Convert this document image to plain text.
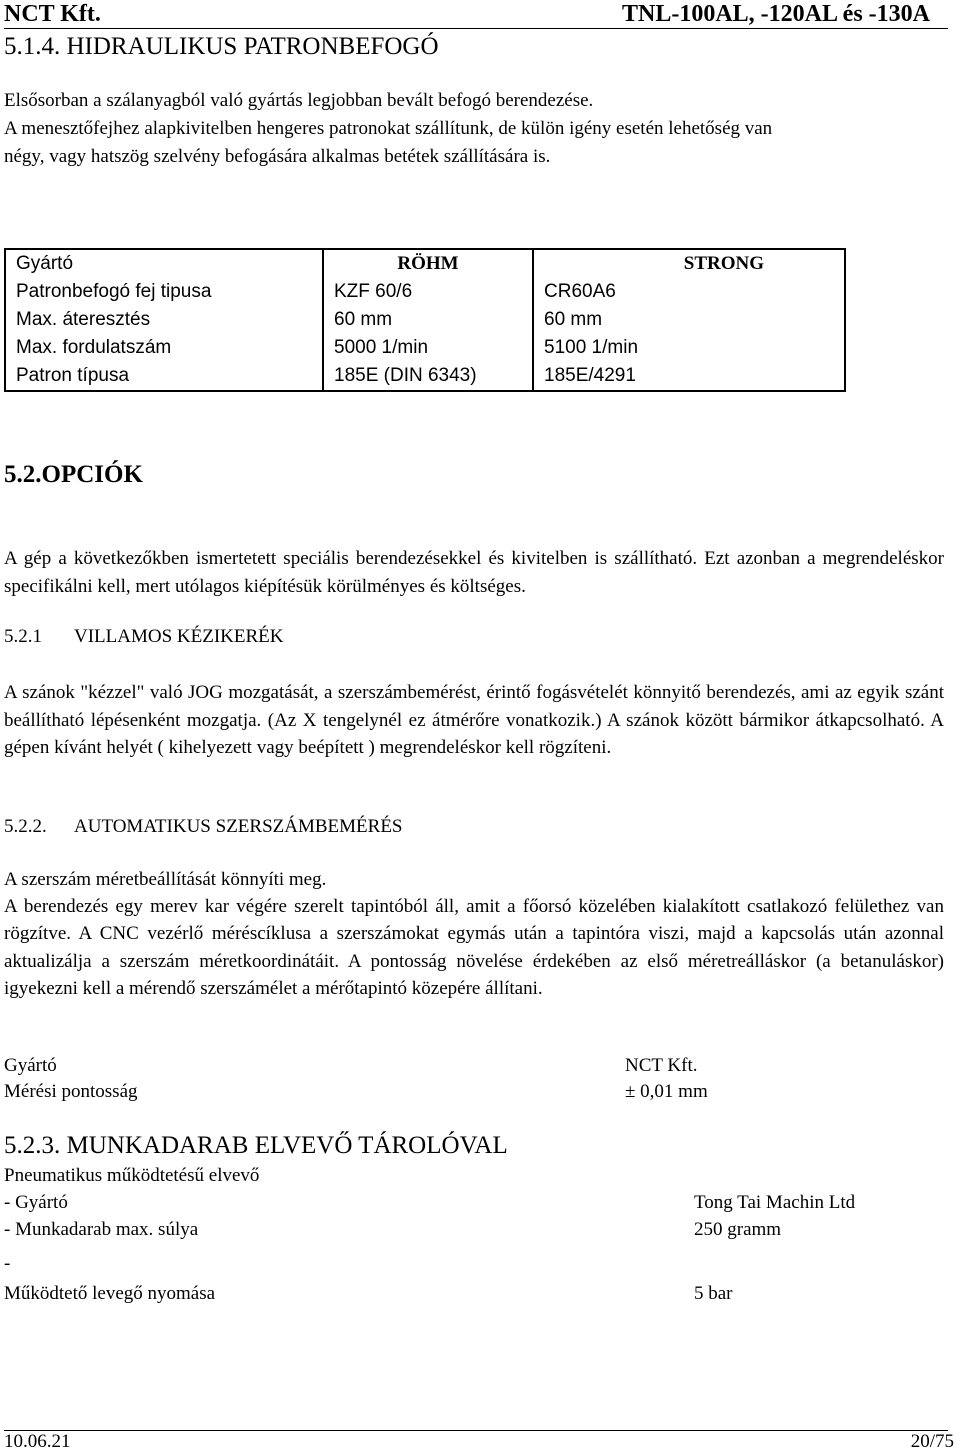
NCT Kft.	TNL-100AL, -120AL és -130A
5.1.4. HIDRAULIKUS PATRONBEFOGÓ
Elsősorban a szálanyagból való gyártás legjobban bevált befogó berendezése.
A menesztőfejhez alapkivitelben hengeres patronokat szállítunk, de külön igény esetén lehetőség van
négy, vagy hatszög szelvény befogására alkalmas betétek szállítására is.
Gyártó	RÖHM	STRONG
Patronbefogó fej tipusa	KZF 60/6	CR60A6
Max. áteresztés	60 mm	60 mm
Max. fordulatszám	5000 1/min	5100 1/min
Patron típusa	185E (DIN 6343)	185E/4291
5.2.OPCIÓK
A gép a következőkben ismertetett speciális berendezésekkel és kivitelben is szállítható. Ezt azonban a megrendeléskor specifikálni kell, mert utólagos kiépítésük körülményes és költséges.
5.2.1 VILLAMOS KÉZIKERÉK
A szánok "kézzel" való JOG mozgatását, a szerszámbemérést, érintő fogásvételét könnyitő berendezés, ami az egyik szánt beállítható lépésenként mozgatja. (Az X tengelynél ez átmérőre vonatkozik.) A szánok között bármikor átkapcsolható. A gépen kívánt helyét ( kihelyezett vagy beépített ) megrendeléskor kell rögzíteni.
5.2.2. AUTOMATIKUS SZERSZÁMBEMÉRÉS
A szerszám méretbeállítását könnyíti meg.
A berendezés egy merev kar végére szerelt tapintóból áll, amit a főorsó közelében kialakított csatlakozó felülethez van rögzítve. A CNC vezérlő méréscíklusa a szerszámokat egymás után a tapintóra viszi, majd a kapcsolás után azonnal aktualizálja a szerszám méretkoordinátáit. A pontosság növelése érdekében az első méretreálláskor (a betanuláskor) igyekezni kell a mérendő szerszámélet a mérőtapintó közepére állítani.
Gyártó	NCT Kft.
Mérési pontosság	± 0,01 mm
5.2.3. MUNKADARAB ELVEVŐ TÁROLÓVAL
Pneumatikus működtetésű elvevő
- Gyártó	Tong Tai Machin Ltd
- Munkadarab max. súlya	250 gramm
-
Működtető levegő nyomása	5 bar
10.06.21	20/75
